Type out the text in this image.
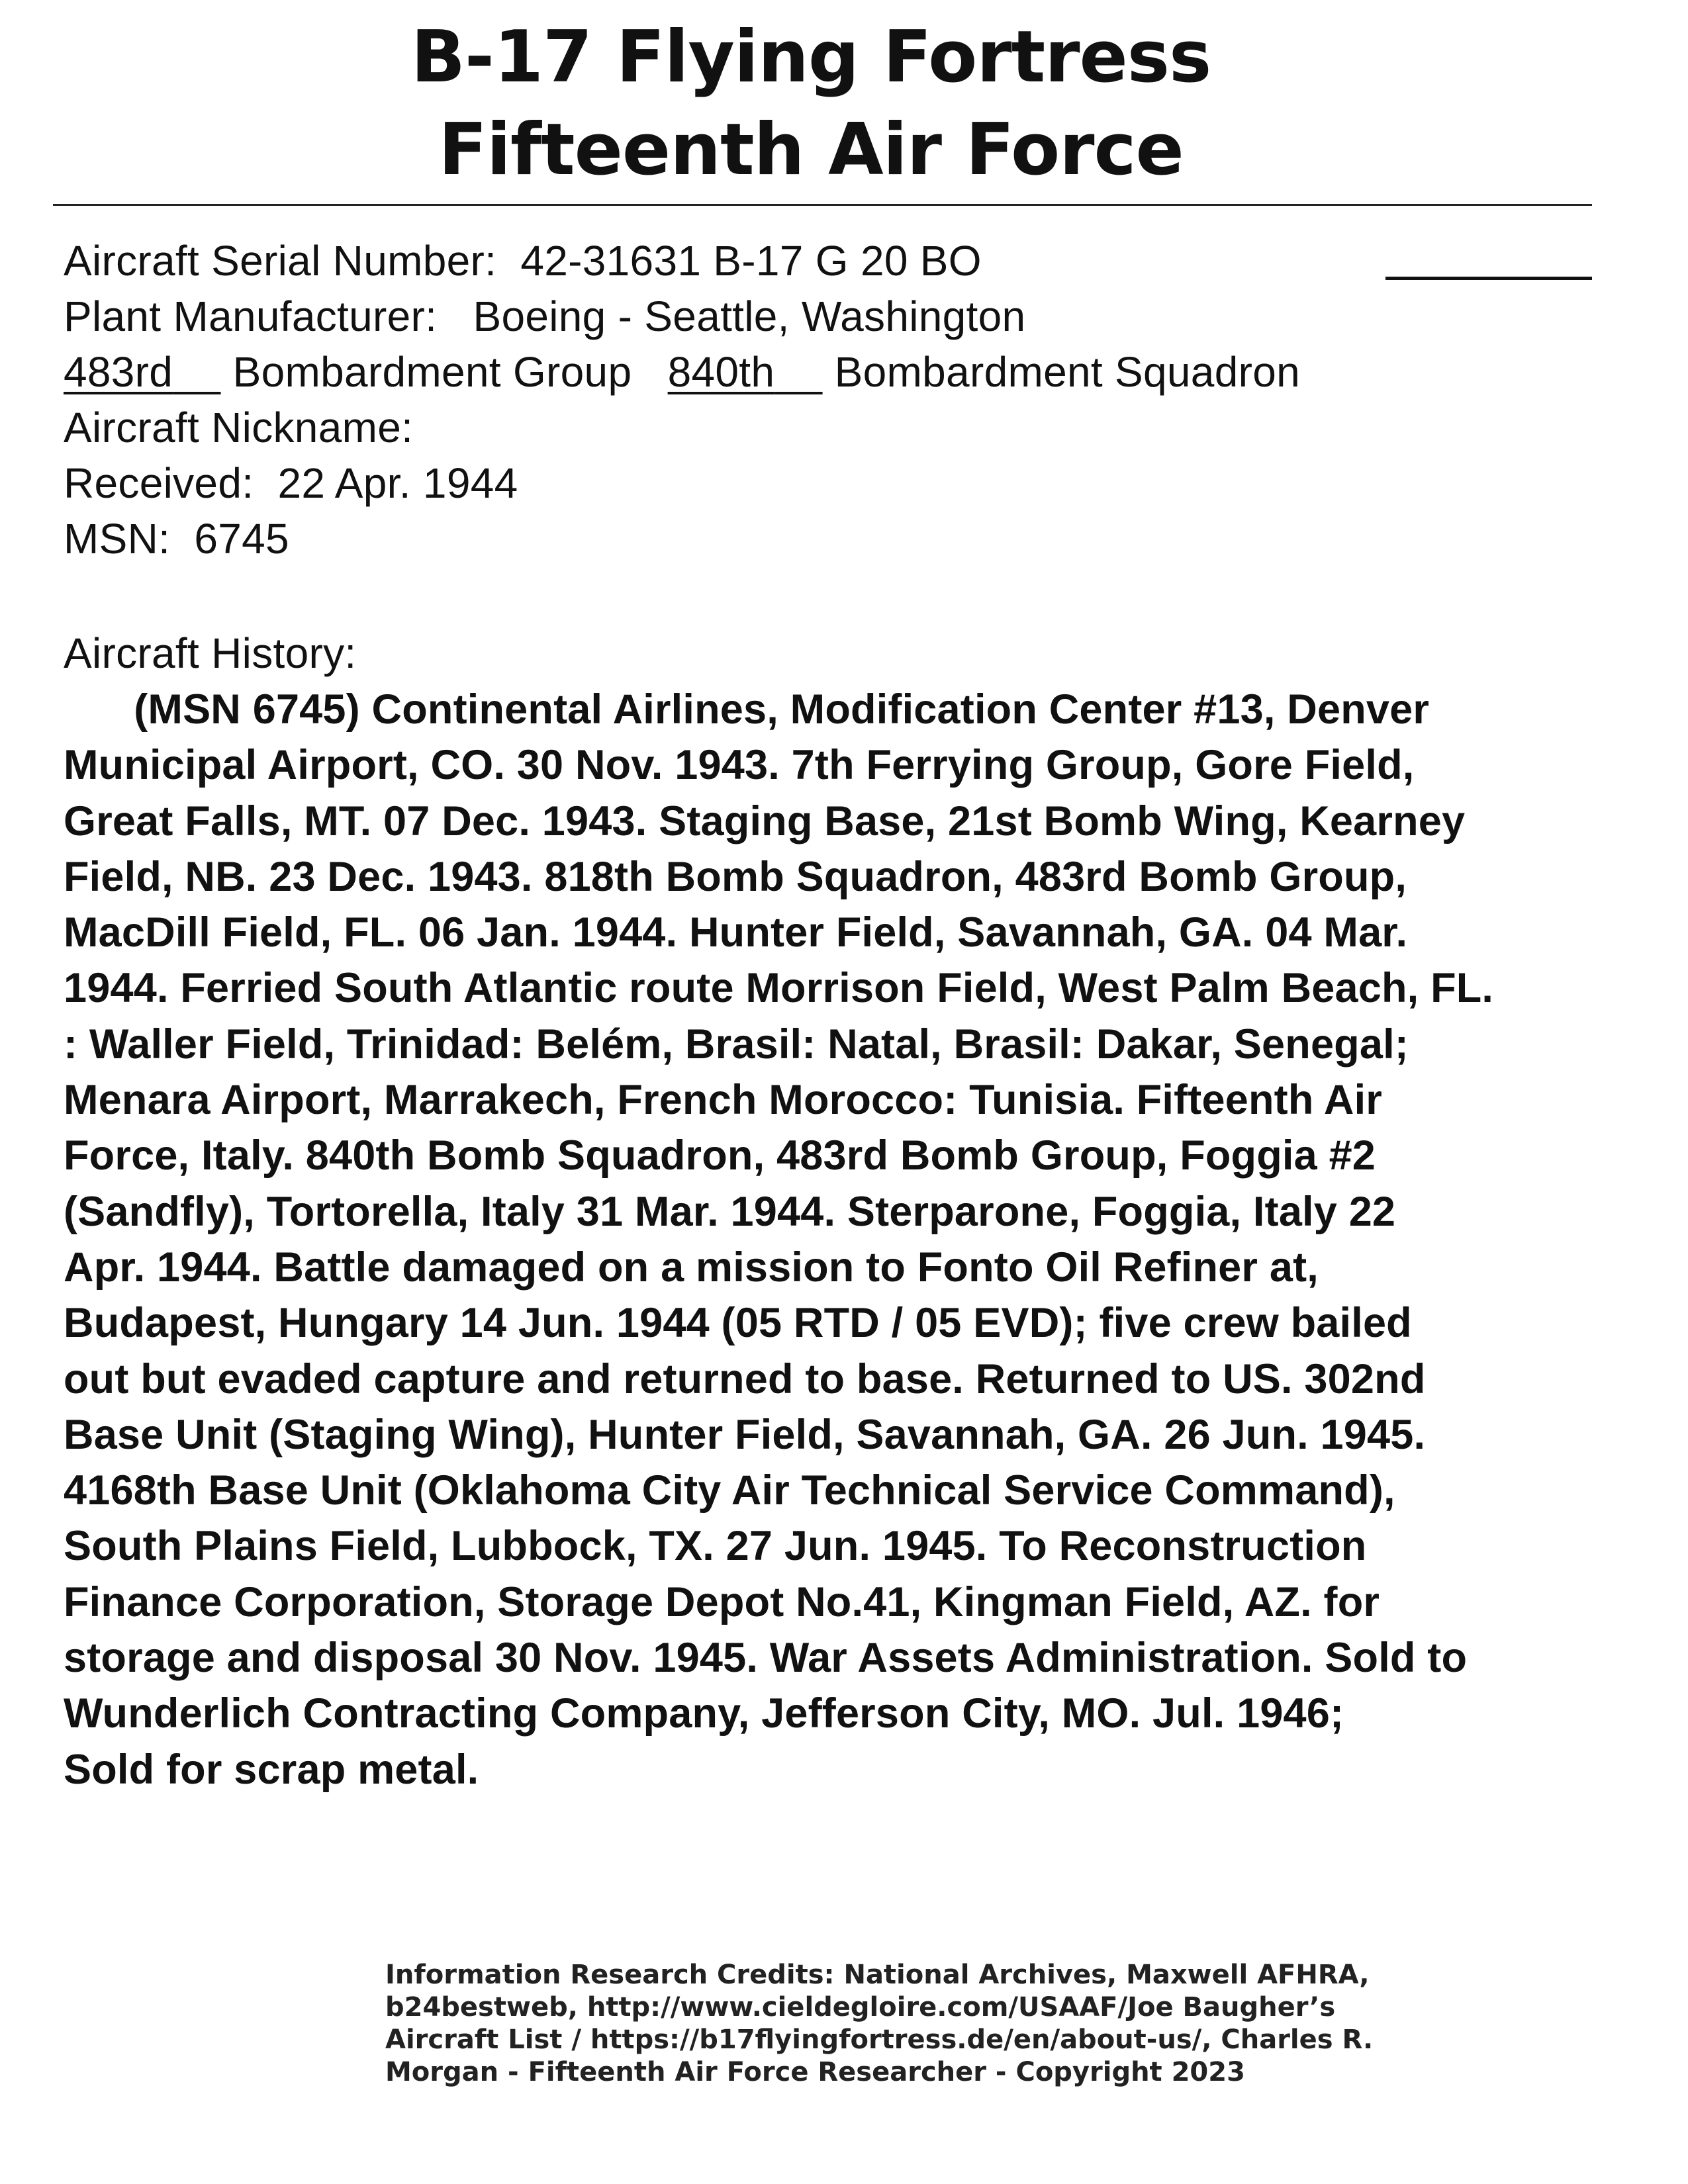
B-17 Flying Fortress
Fifteenth Air Force
Aircraft Serial Number: 42-31631 B-17 G 20 BO
Plant Manufacturer: Boeing - Seattle, Washington
483rd Bombardment Group 840th Bombardment Squadron
Aircraft Nickname:
Received: 22 Apr. 1944
MSN: 6745
Aircraft History:
(MSN 6745) Continental Airlines, Modification Center #13, Denver
Municipal Airport, CO. 30 Nov. 1943. 7th Ferrying Group, Gore Field,
Great Falls, MT. 07 Dec. 1943. Staging Base, 21st Bomb Wing, Kearney
Field, NB. 23 Dec. 1943. 818th Bomb Squadron, 483rd Bomb Group,
MacDill Field, FL. 06 Jan. 1944. Hunter Field, Savannah, GA. 04 Mar.
1944. Ferried South Atlantic route Morrison Field, West Palm Beach, FL.
: Waller Field, Trinidad: Belém, Brasil: Natal, Brasil: Dakar, Senegal;
Menara Airport, Marrakech, French Morocco: Tunisia. Fifteenth Air
Force, Italy. 840th Bomb Squadron, 483rd Bomb Group, Foggia #2
(Sandfly), Tortorella, Italy 31 Mar. 1944. Sterparone, Foggia, Italy 22
Apr. 1944. Battle damaged on a mission to Fonto Oil Refiner at,
Budapest, Hungary 14 Jun. 1944 (05 RTD / 05 EVD); five crew bailed
out but evaded capture and returned to base. Returned to US. 302nd
Base Unit (Staging Wing), Hunter Field, Savannah, GA. 26 Jun. 1945.
4168th Base Unit (Oklahoma City Air Technical Service Command),
South Plains Field, Lubbock, TX. 27 Jun. 1945. To Reconstruction
Finance Corporation, Storage Depot No.41, Kingman Field, AZ. for
storage and disposal 30 Nov. 1945. War Assets Administration. Sold to
Wunderlich Contracting Company, Jefferson City, MO. Jul. 1946;
Sold for scrap metal.
Information Research Credits: National Archives, Maxwell AFHRA,
b24bestweb, http://www.cieldegloire.com/USAAF/Joe Baugher’s
Aircraft List / https://b17flyingfortress.de/en/about-us/, Charles R.
Morgan - Fifteenth Air Force Researcher - Copyright 2023
